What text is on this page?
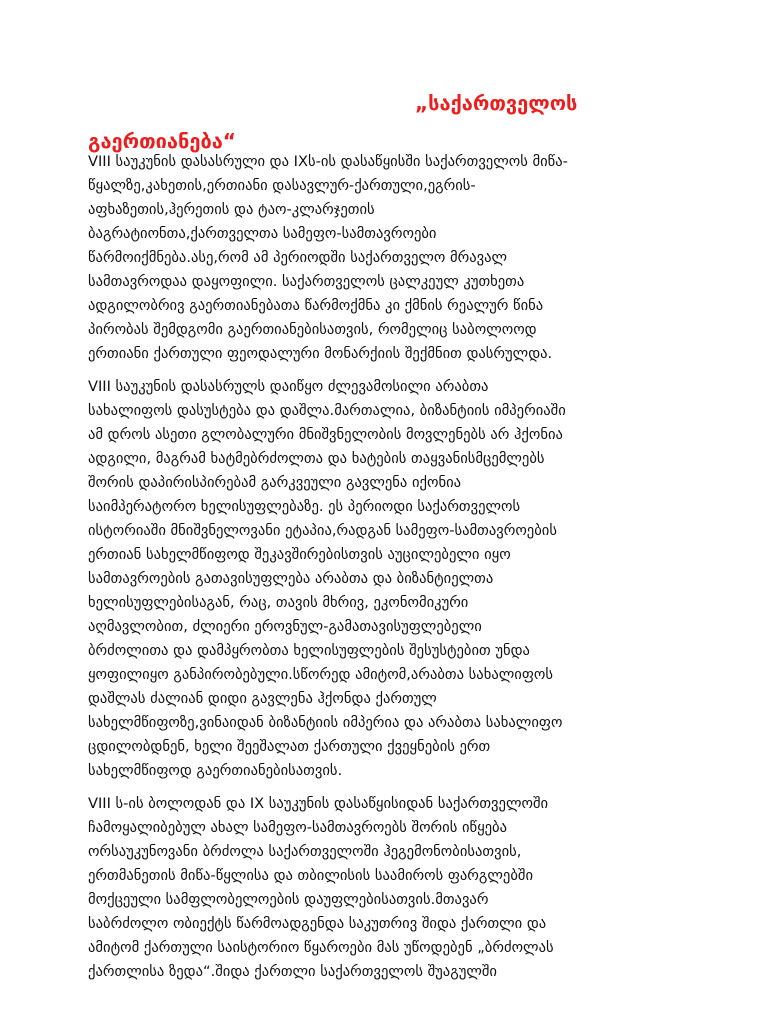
„საქართველოს
გაერთიანება“

VIII საუკუნის დასასრული და IXს-ის დასაწყისში საქართველოს მიწა-
წყალზე,კახეთის,ერთიანი დასავლურ-ქართული,ეგრის-
აფხაზეთის,ჰერეთის და ტაო-კლარჯეთის
ბაგრატიონთა,ქართველთა სამეფო-სამთავროები
წარმოიქმნება.ასე,რომ ამ პერიოდში საქართველო მრავალ
სამთავროდაა დაყოფილი. საქართველოს ცალკეულ კუთხეთა
ადგილობრივ გაერთიანებათა წარმოქმნა კი ქმნის რეალურ წინა
პირობას შემდგომი გაერთიანებისათვის, რომელიც საბოლოოდ
ერთიანი ქართული ფეოდალური მონარქიის შექმნით დასრულდა.

VIII საუკუნის დასასრულს დაიწყო ძლევამოსილი არაბთა
სახალიფოს დასუსტება და დაშლა.მართალია, ბიზანტიის იმპერიაში
ამ დროს ასეთი გლობალური მნიშვნელობის მოვლენებს არ ჰქონია
ადგილი, მაგრამ ხატმებრძოლთა და ხატების თაყვანისმცემლებს
შორის დაპირისპირებამ გარკვეული გავლენა იქონია
საიმპერატორო ხელისუფლებაზე. ეს პერიოდი საქართველოს
ისტორიაში მნიშვნელოვანი ეტაპია,რადგან სამეფო-სამთავროების
ერთიან სახელმწიფოდ შეკავშირებისთვის აუცილებელი იყო
სამთავროების გათავისუფლება არაბთა და ბიზანტიელთა
ხელისუფლებისაგან, რაც, თავის მხრივ, ეკონომიკური
აღმავლობით, ძლიერი ეროვნულ-გამათავისუფლებელი
ბრძოლითა და დამპყრობთა ხელისუფლების შესუსტებით უნდა
ყოფილიყო განპირობებული.სწორედ ამიტომ,არაბთა სახალიფოს
დაშლას ძალიან დიდი გავლენა ჰქონდა ქართულ
სახელმწიფოზე,ვინაიდან ბიზანტიის იმპერია და არაბთა სახალიფო
ცდილობდნენ, ხელი შეეშალათ ქართული ქვეყნების ერთ
სახელმწიფოდ გაერთიანებისათვის.

VIII ს-ის ბოლოდან და IX საუკუნის დასაწყისიდან საქართველოში
ჩამოყალიბებულ ახალ სამეფო-სამთავროებს შორის იწყება
ორსაუკუნოვანი ბრძოლა საქართველოში ჰეგემონობისათვის,
ერთმანეთის მიწა-წყლისა და თბილისის საამიროს ფარგლებში
მოქცეული სამფლობელოების დაუფლებისათვის.მთავარ
საბრძოლო ობიექტს წარმოადგენდა საკუთრივ შიდა ქართლი და
ამიტომ ქართული საისტორიო წყაროები მას უწოდებენ „ბრძოლას
ქართლისა ზედა“.შიდა ქართლი საქართველოს შუაგულში
